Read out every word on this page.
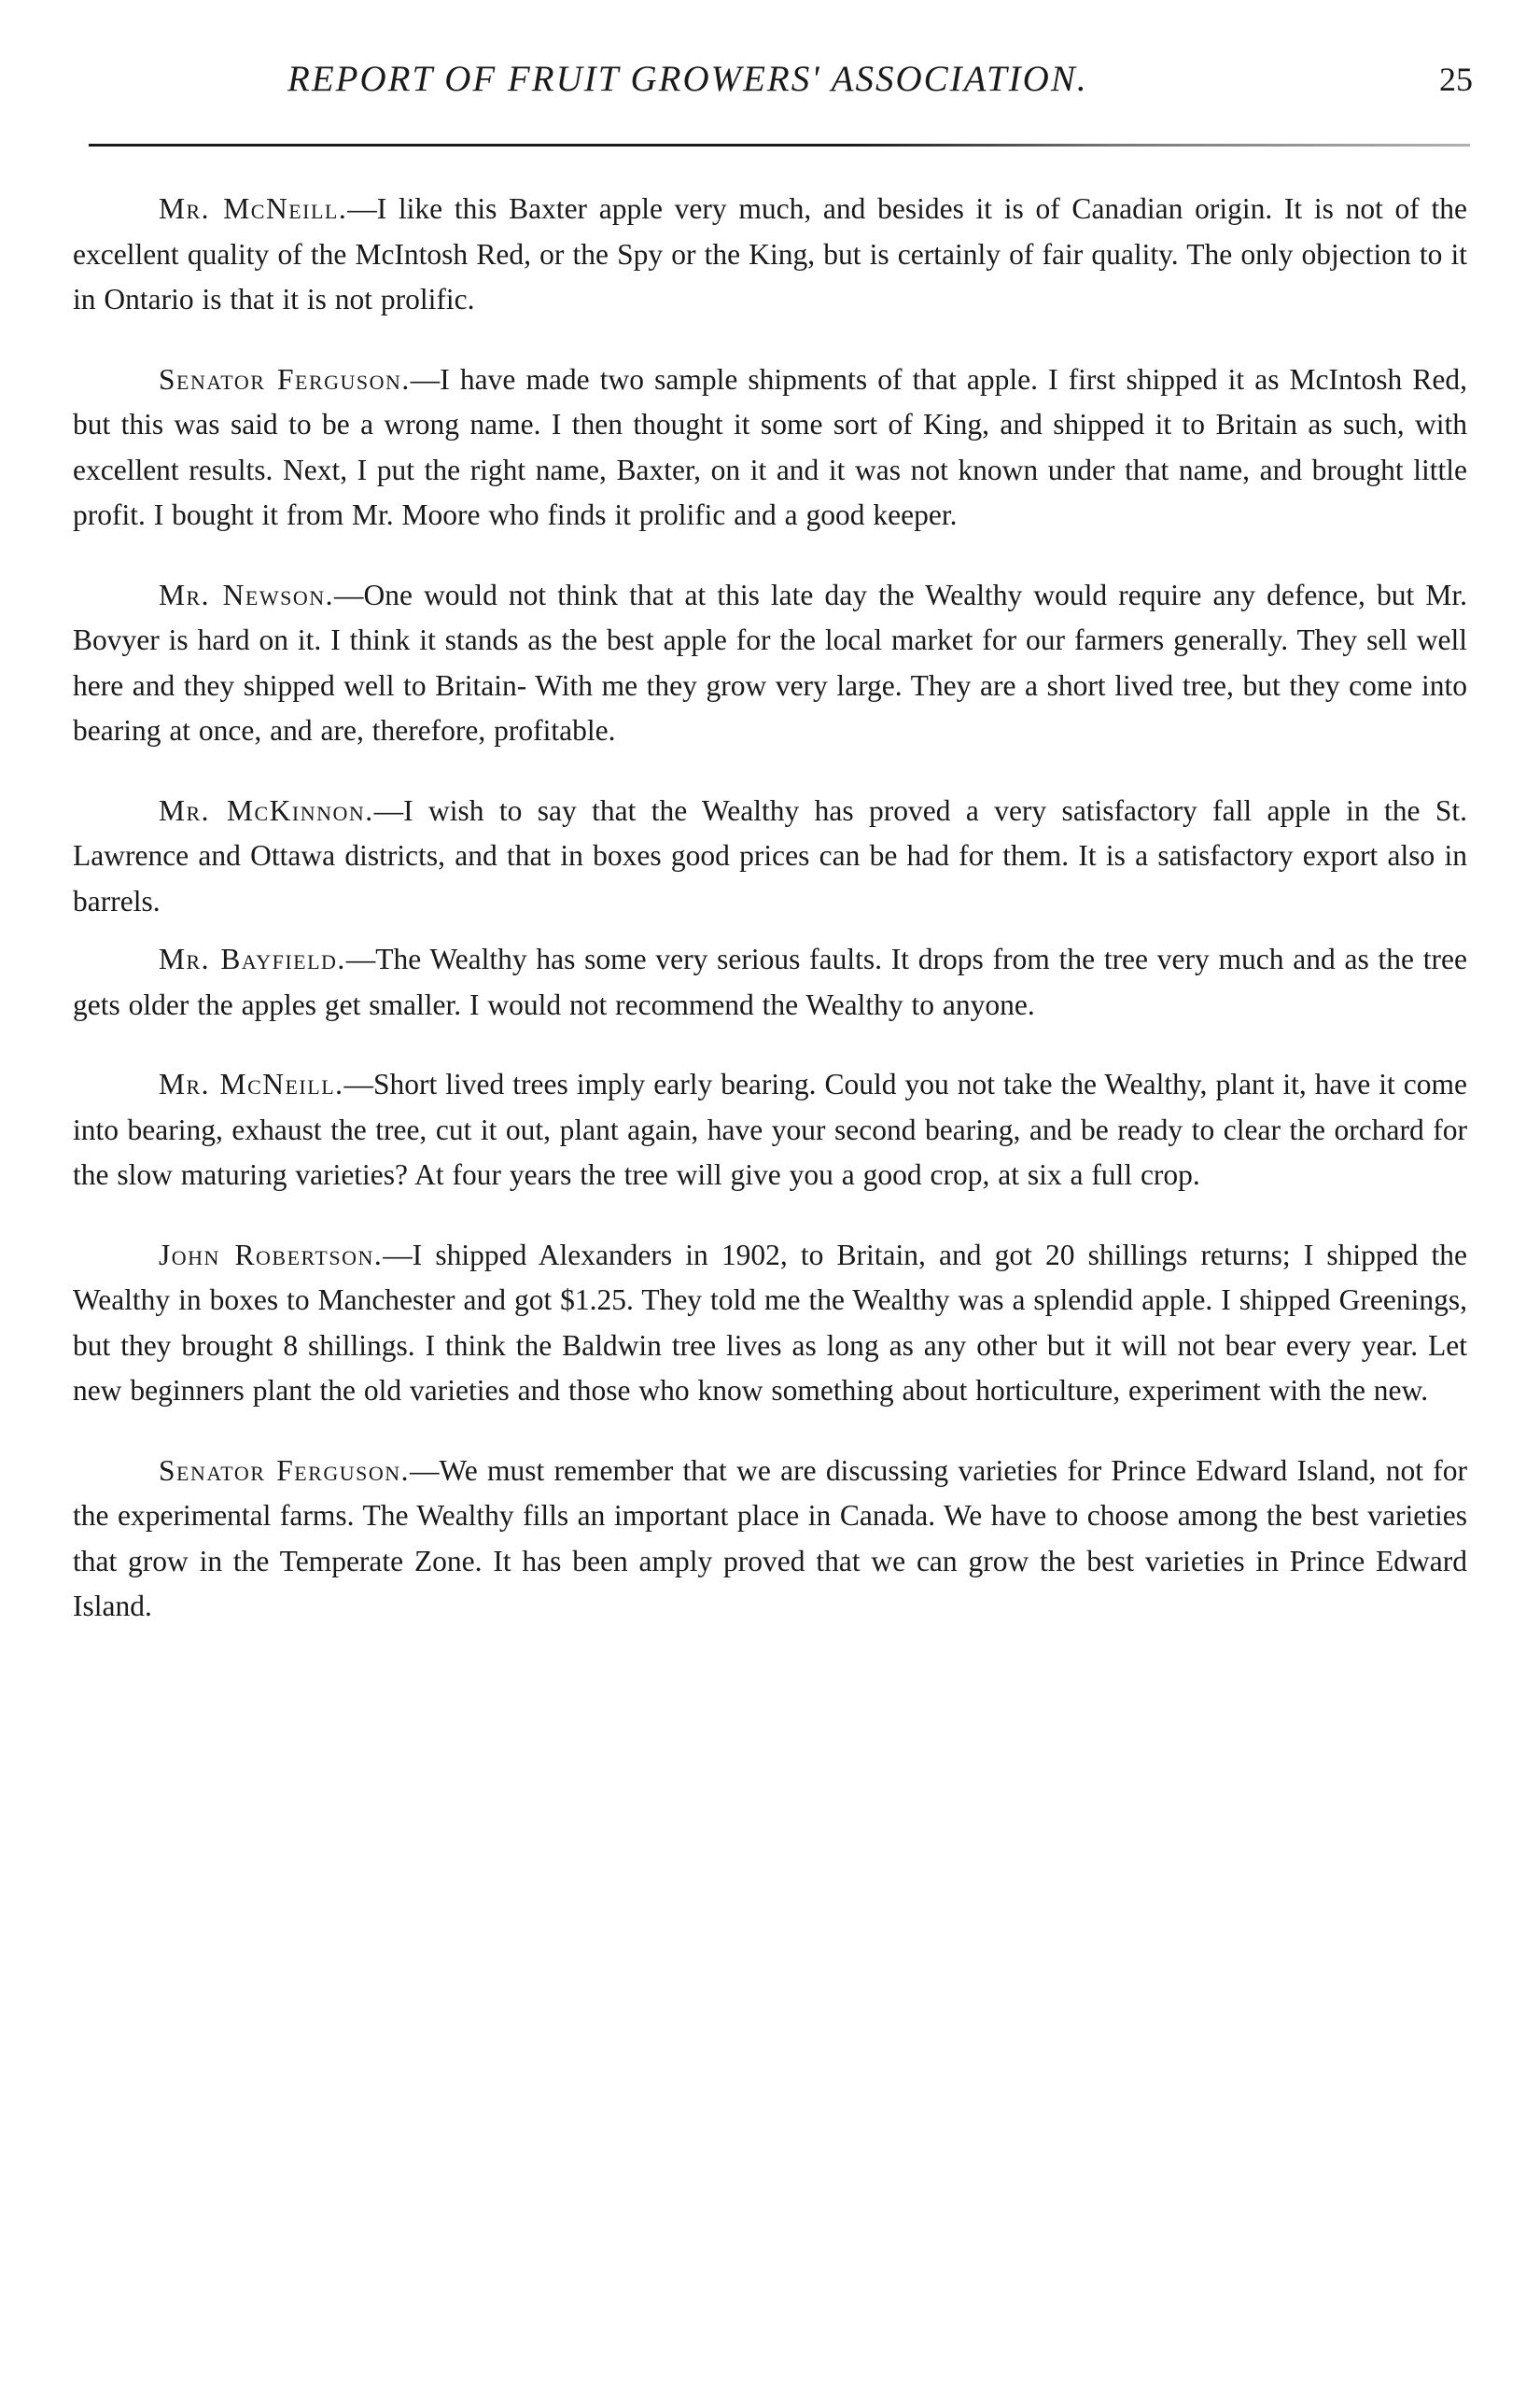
REPORT OF FRUIT GROWERS' ASSOCIATION.	25

Mr. McNeill.—I like this Baxter apple very much, and besides it is of Canadian origin. It is not of the excellent quality of the McIntosh Red, or the Spy or the King, but is certainly of fair quality. The only objection to it in Ontario is that it is not prolific.

Senator Ferguson.—I have made two sample shipments of that apple. I first shipped it as McIntosh Red, but this was said to be a wrong name. I then thought it some sort of King, and shipped it to Britain as such, with excellent results. Next, I put the right name, Baxter, on it and it was not known under that name, and brought little profit. I bought it from Mr. Moore who finds it prolific and a good keeper.

Mr. Newson.—One would not think that at this late day the Wealthy would require any defence, but Mr. Bovyer is hard on it. I think it stands as the best apple for the local market for our farmers generally. They sell well here and they shipped well to Britain- With me they grow very large. They are a short lived tree, but they come into bearing at once, and are, therefore, profitable.

Mr. McKinnon.—I wish to say that the Wealthy has proved a very satisfactory fall apple in the St. Lawrence and Ottawa districts, and that in boxes good prices can be had for them. It is a satisfactory export also in barrels.

Mr. Bayfield.—The Wealthy has some very serious faults. It drops from the tree very much and as the tree gets older the apples get smaller. I would not recommend the Wealthy to anyone.

Mr. McNeill.—Short lived trees imply early bearing. Could you not take the Wealthy, plant it, have it come into bearing, exhaust the tree, cut it out, plant again, have your second bearing, and be ready to clear the orchard for the slow maturing varieties? At four years the tree will give you a good crop, at six a full crop.

John Robertson.—I shipped Alexanders in 1902, to Britain, and got 20 shillings returns; I shipped the Wealthy in boxes to Manchester and got $1.25. They told me the Wealthy was a splendid apple. I shipped Greenings, but they brought 8 shillings. I think the Baldwin tree lives as long as any other but it will not bear every year. Let new beginners plant the old varieties and those who know something about horticulture, experiment with the new.

Senator Ferguson.—We must remember that we are discussing varieties for Prince Edward Island, not for the experimental farms. The Wealthy fills an important place in Canada. We have to choose among the best varieties that grow in the Temperate Zone. It has been amply proved that we can grow the best varieties in Prince Edward Island.
